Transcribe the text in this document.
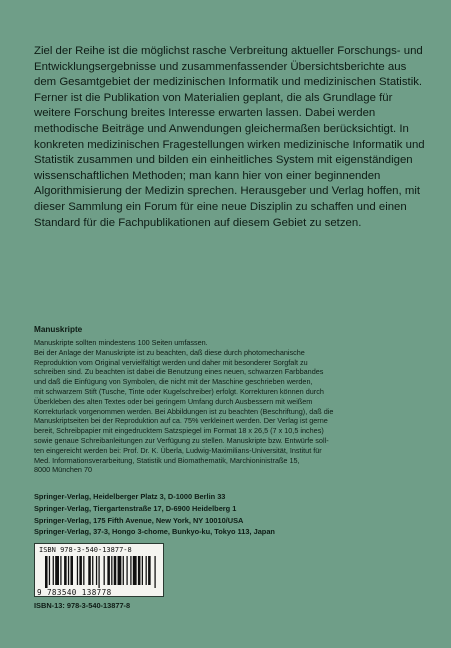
Ziel der Reihe ist die möglichst rasche Verbreitung aktueller Forschungs- und Entwicklungsergebnisse und zusammenfassender Übersichtsberichte aus dem Gesamtgebiet der medizinischen Informatik und medizinischen Statistik. Ferner ist die Publikation von Materialien geplant, die als Grundlage für weitere Forschung breites Interesse erwarten lassen. Dabei werden methodische Beiträge und Anwendungen gleichermaßen berücksichtigt. In konkreten medizinischen Fragestellungen wirken medizinische Informatik und Statistik zusammen und bilden ein einheitliches System mit eigenständigen wissenschaftlichen Methoden; man kann hier von einer beginnenden Algorithmisierung der Medizin sprechen. Herausgeber und Verlag hoffen, mit dieser Sammlung ein Forum für eine neue Disziplin zu schaffen und einen Standard für die Fachpublikationen auf diesem Gebiet zu setzen.

Manuskripte
Manuskripte sollten mindestens 100 Seiten umfassen.
Bei der Anlage der Manuskripte ist zu beachten, daß diese durch photomechanische
Reproduktion vom Original vervielfältigt werden und daher mit besonderer Sorgfalt zu
schreiben sind. Zu beachten ist dabei die Benutzung eines neuen, schwarzen Farbbandes
und daß die Einfügung von Symbolen, die nicht mit der Maschine geschrieben werden,
mit schwarzem Stift (Tusche, Tinte oder Kugelschreiber) erfolgt. Korrekturen können durch
Überkleben des alten Textes oder bei geringem Umfang durch Ausbessern mit weißem
Korrekturlack vorgenommen werden. Bei Abbildungen ist zu beachten (Beschriftung), daß die
Manuskriptseiten bei der Reproduktion auf ca. 75% verkleinert werden. Der Verlag ist gerne
bereit, Schreibpapier mit eingedrucktem Satzspiegel im Format 18 x 26,5 (7 x 10,5 inches)
sowie genaue Schreibanleitungen zur Verfügung zu stellen. Manuskripte bzw. Entwürfe soll-
ten eingereicht werden bei: Prof. Dr. K. Überla, Ludwig-Maximilians-Universität, Institut für
Med. Informationsverarbeitung, Statistik und Biomathematik, Marchioninistraße 15,
8000 München 70
Springer-Verlag, Heidelberger Platz 3, D-1000 Berlin 33
Springer-Verlag, Tiergartenstraße 17, D-6900 Heidelberg 1
Springer-Verlag, 175 Fifth Avenue, New York, NY 10010/USA
Springer-Verlag, 37-3, Hongo 3-chome, Bunkyo-ku, Tokyo 113, Japan
ISBN 978-3-540-13877-8
9 783540 138778
ISBN-13: 978-3-540-13877-8
